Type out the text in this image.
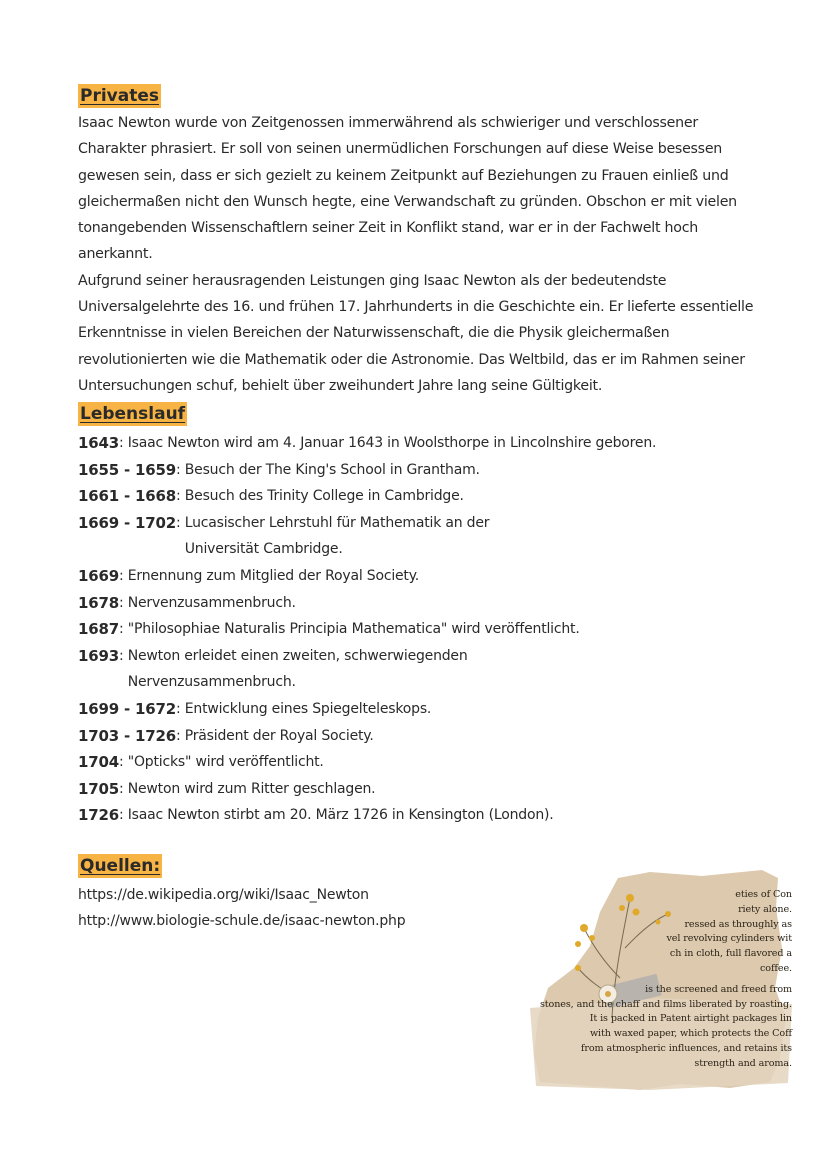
Privates

Isaac Newton wurde von Zeitgenossen immerwährend als schwieriger und verschlossener Charakter phrasiert. Er soll von seinen unermüdlichen Forschungen auf diese Weise besessen gewesen sein, dass er sich gezielt zu keinem Zeitpunkt auf Beziehungen zu Frauen einließ und gleichermaßen nicht den Wunsch hegte, eine Verwandschaft zu gründen. Obschon er mit vielen tonangebenden Wissenschaftlern seiner Zeit in Konflikt stand, war er in der Fachwelt hoch anerkannt.

Aufgrund seiner herausragenden Leistungen ging Isaac Newton als der bedeutendste Universalgelehrte des 16. und frühen 17. Jahrhunderts in die Geschichte ein. Er lieferte essentielle Erkenntnisse in vielen Bereichen der Naturwissenschaft, die die Physik gleichermaßen revolutionierten wie die Mathematik oder die Astronomie. Das Weltbild, das er im Rahmen seiner Untersuchungen schuf, behielt über zweihundert Jahre lang seine Gültigkeit.

Lebenslauf
1643 : Isaac Newton wird am 4. Januar 1643 in Woolsthorpe in Lincolnshire geboren.
1655 - 1659 : Besuch der The King's School in Grantham.
1661 - 1668 : Besuch des Trinity College in Cambridge.
1669 - 1702 : Lucasischer Lehrstuhl für Mathematik an der Universität Cambridge.
1669 : Ernennung zum Mitglied der Royal Society.
1678 : Nervenzusammenbruch.
1687 : "Philosophiae Naturalis Principia Mathematica" wird veröffentlicht.
1693 : Newton erleidet einen zweiten, schwerwiegenden Nervenzusammenbruch.
1699 - 1672 : Entwicklung eines Spiegelteleskops.
1703 - 1726 : Präsident der Royal Society.
1704 : "Opticks" wird veröffentlicht.
1705 : Newton wird zum Ritter geschlagen.
1726 : Isaac Newton stirbt am 20. März 1726 in Kensington (London).
Quellen:
https://de.wikipedia.org/wiki/Isaac_Newton
http://www.biologie-schule.de/isaac-newton.php
eties of Con
riety alone.
ressed as throughly as
vel revolving cylinders wit
ch in cloth, full flavored a
coffee.
is the screened and freed from
stones, and the chaff and films liberated by roasting.
It is packed in Patent airtight packages lin
with waxed paper, which protects the Coff
from atmospheric influences, and retains its
strength and aroma.
